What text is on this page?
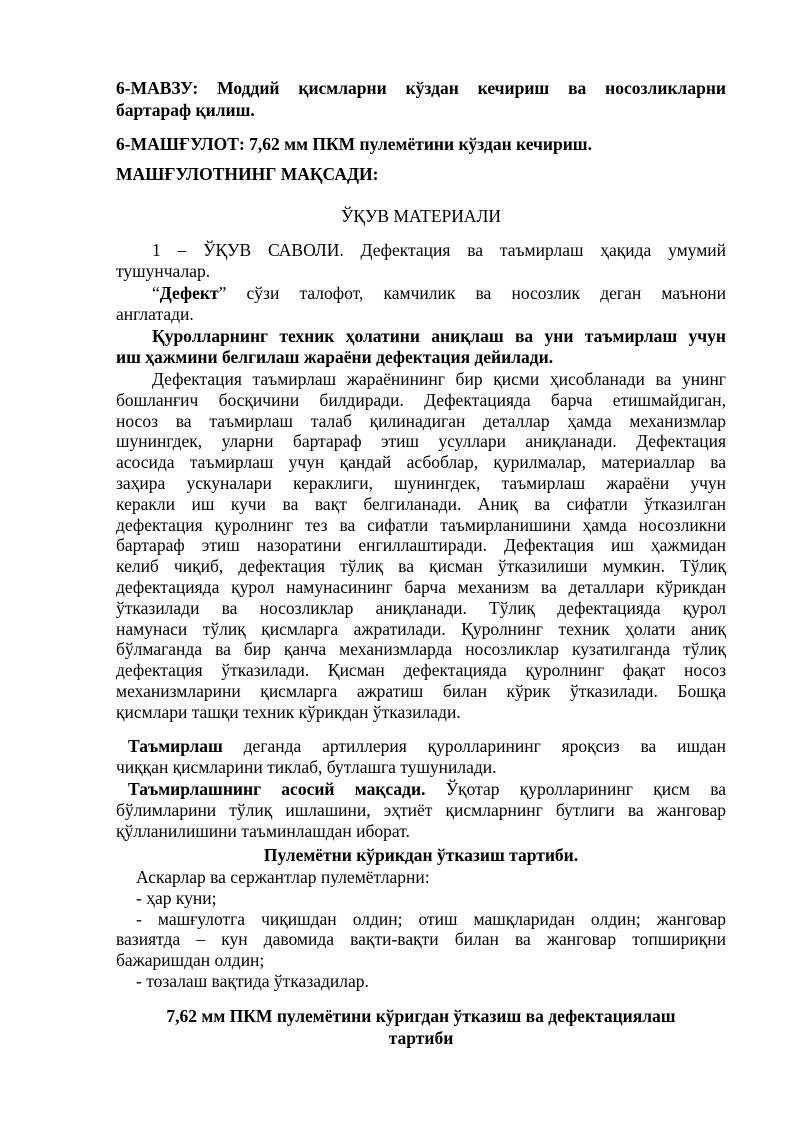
6-МАВЗУ: Моддий қисмларни кўздан кечириш ва носозликларни
бартараф қилиш.
6-МАШҒУЛОТ: 7,62 мм ПКМ пулемётини кўздан кечириш.
МАШҒУЛОТНИНГ МАҚСАДИ:
ЎҚУВ МАТЕРИАЛИ
1 – ЎҚУВ САВОЛИ. Дефектация ва таъмирлаш ҳақида умумий
тушунчалар.
“Дефект” сўзи талофот, камчилик ва носозлик деган маънони
англатади.
Қуролларнинг техник ҳолатини аниқлаш ва уни таъмирлаш учун
иш ҳажмини белгилаш жараёни дефектация дейилади.
Дефектация таъмирлаш жараёнининг бир қисми ҳисобланади ва унинг
бошланғич босқичини билдиради. Дефектацияда барча етишмайдиган,
носоз ва таъмирлаш талаб қилинадиган деталлар ҳамда механизмлар
шунингдек, уларни бартараф этиш усуллари аниқланади. Дефектация
асосида таъмирлаш учун қандай асбоблар, қурилмалар, материаллар ва
заҳира ускуналари кераклиги, шунингдек, таъмирлаш жараёни учун
керакли иш кучи ва вақт белгиланади. Аниқ ва сифатли ўтказилган
дефектация қуролнинг тез ва сифатли таъмирланишини ҳамда носозликни
бартараф этиш назоратини енгиллаштиради. Дефектация иш ҳажмидан
келиб чиқиб, дефектация тўлиқ ва қисман ўтказилиши мумкин. Тўлиқ
дефектацияда қурол намунасининг барча механизм ва деталлари кўрикдан
ўтказилади ва носозликлар аниқланади. Тўлиқ дефектацияда қурол
намунаси тўлиқ қисмларга ажратилади. Қуролнинг техник ҳолати аниқ
бўлмаганда ва бир қанча механизмларда носозликлар кузатилганда тўлиқ
дефектация ўтказилади. Қисман дефектацияда қуролнинг фақат носоз
механизмларини қисмларга ажратиш билан кўрик ўтказилади. Бошқа
қисмлари ташқи техник кўрикдан ўтказилади.
Таъмирлаш деганда артиллерия қуролларининг яроқсиз ва ишдан
чиққан қисмларини тиклаб, бутлашга тушунилади.
Таъмирлашнинг асосий мақсади. Ўқотар қуролларининг қисм ва
бўлимларини тўлиқ ишлашини, эҳтиёт қисмларнинг бутлиги ва жанговар
қўлланилишини таъминлашдан иборат.
Пулемётни кўрикдан ўтказиш тартиби.
Аскарлар ва сержантлар пулемётларни:
- ҳар куни;
- машғулотга чиқишдан олдин; отиш машқларидан олдин; жанговар
вазиятда – кун давомида вақти-вақти билан ва жанговар топшириқни
бажаришдан олдин;
- тозалаш вақтида ўтказадилар.
7,62 мм ПКМ пулемётини кўригдан ўтказиш ва дефектациялаш
тартиби
